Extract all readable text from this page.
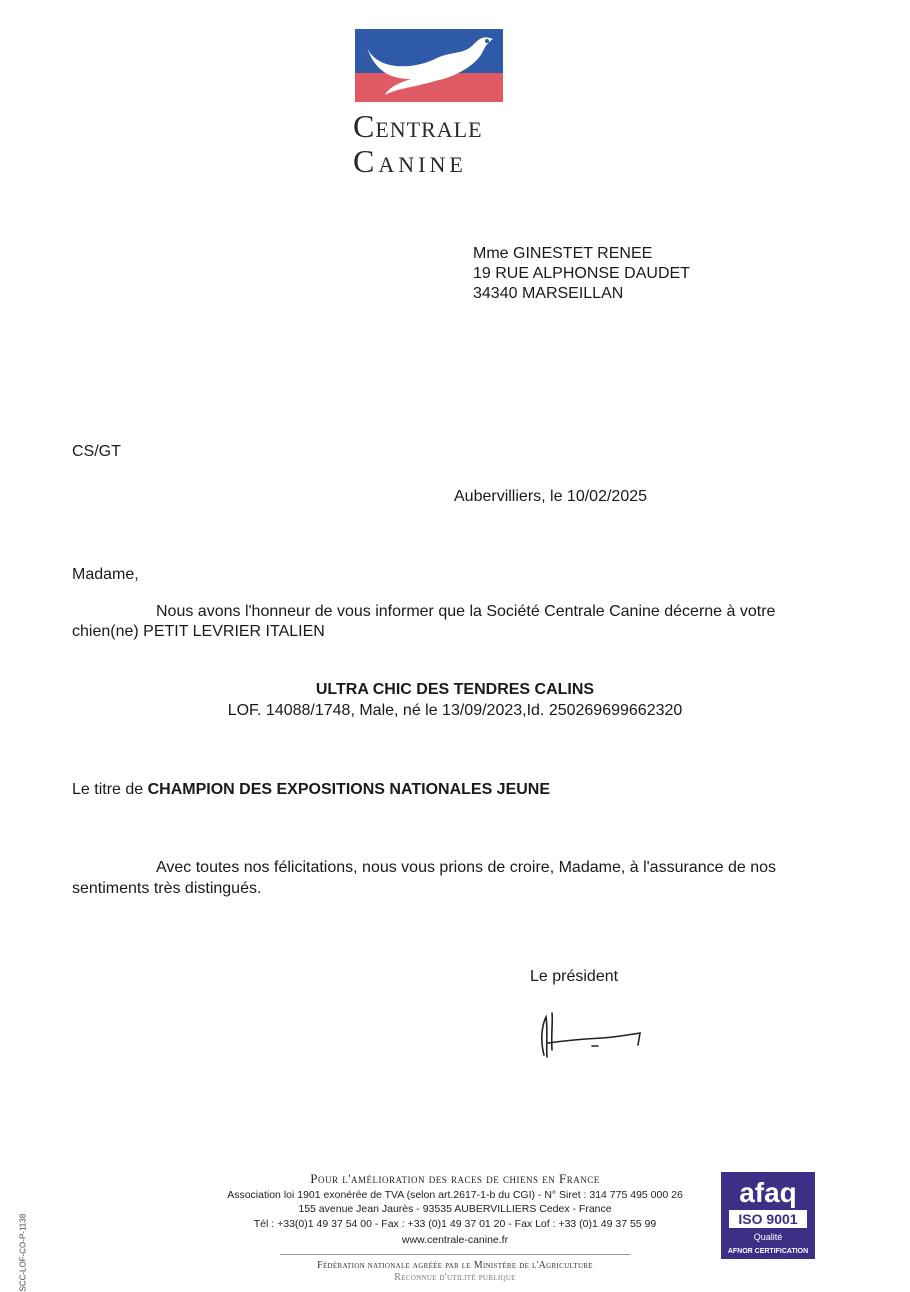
Centrale
Canine
Mme GINESTET RENEE
19 RUE ALPHONSE DAUDET
34340 MARSEILLAN
CS/GT
Aubervilliers, le 10/02/2025
Madame,
Nous avons l'honneur de vous informer que la Société Centrale Canine décerne à votre
chien(ne) PETIT LEVRIER ITALIEN
ULTRA CHIC DES TENDRES CALINS
LOF. 14088/1748, Male, né le 13/09/2023,Id. 250269699662320
Le titre de CHAMPION DES EXPOSITIONS NATIONALES JEUNE
Avec toutes nos félicitations, nous vous prions de croire, Madame, à l'assurance de nos
sentiments très distingués.
Le président
Pour l'amélioration des races de chiens en France
Association loi 1901 exonérée de TVA (selon art.2617-1-b du CGI) - N° Siret : 314 775 495 000 26
155 avenue Jean Jaurès - 93535 AUBERVILLIERS Cedex - France
Tél : +33(0)1 49 37 54 00 - Fax : +33 (0)1 49 37 01 20 - Fax Lof : +33 (0)1 49 37 55 99
www.centrale-canine.fr
Fédération nationale agréée par le Ministère de l'Agriculture
Reconnue d'utilité publique
afaq
ISO 9001
Qualité
AFNOR CERTIFICATION
SCC-LOF-CO-P-1138
